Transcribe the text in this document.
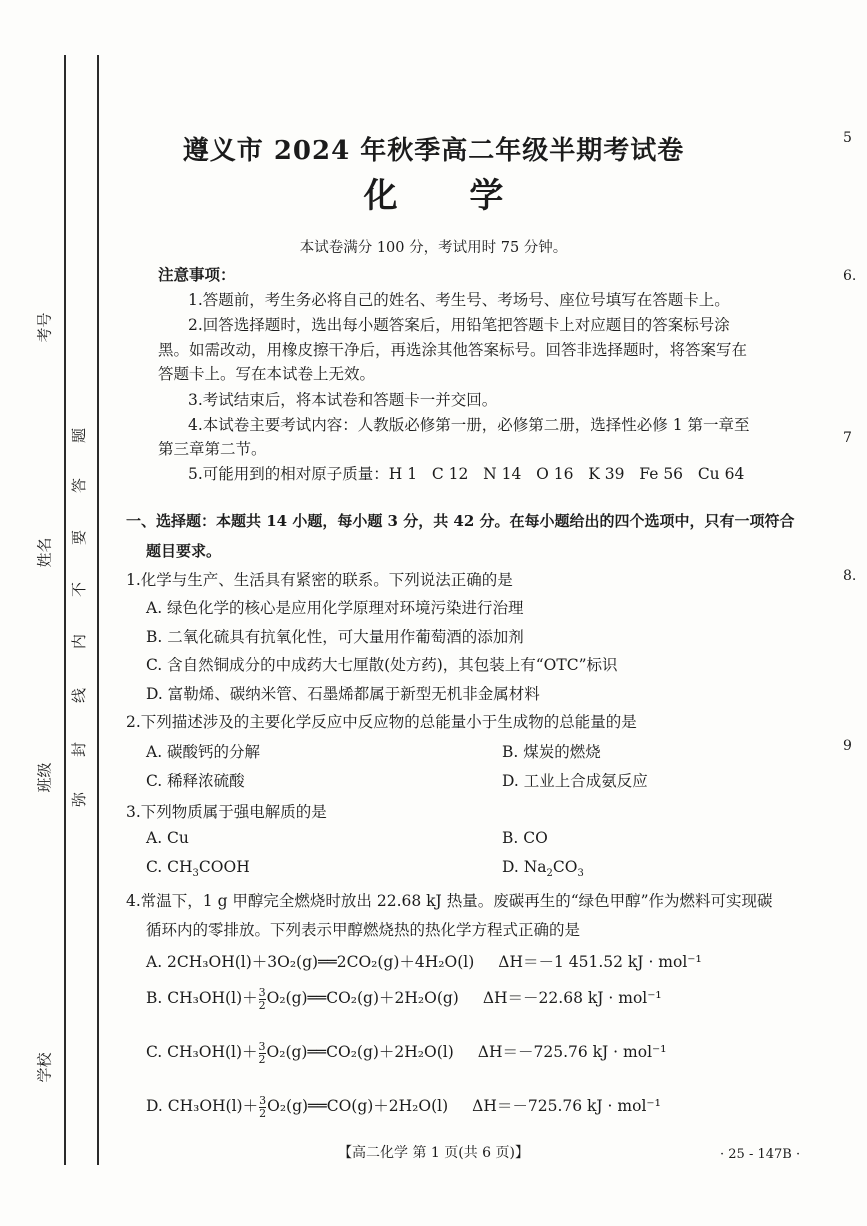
考号
姓名
班级
学校
题
答
要
不
内
线
封
弥
5
6.
7
8.
9
遵义市 2024 年秋季高二年级半期考试卷
化 学
本试卷满分 100 分，考试用时 75 分钟。
注意事项：
1.答题前，考生务必将自己的姓名、考生号、考场号、座位号填写在答题卡上。
2.回答选择题时，选出每小题答案后，用铅笔把答题卡上对应题目的答案标号涂
黑。如需改动，用橡皮擦干净后，再选涂其他答案标号。回答非选择题时，将答案写在
答题卡上。写在本试卷上无效。
3.考试结束后，将本试卷和答题卡一并交回。
4.本试卷主要考试内容：人教版必修第一册，必修第二册，选择性必修 1 第一章至
第三章第二节。
5.可能用到的相对原子质量：H 1   C 12   N 14   O 16   K 39   Fe 56   Cu 64
一、选择题：本题共 14 小题，每小题 3 分，共 42 分。在每小题给出的四个选项中，只有一项符合
题目要求。
1.化学与生产、生活具有紧密的联系。下列说法正确的是
A. 绿色化学的核心是应用化学原理对环境污染进行治理
B. 二氧化硫具有抗氧化性，可大量用作葡萄酒的添加剂
C. 含自然铜成分的中成药大七厘散(处方药)，其包装上有“OTC”标识
D. 富勒烯、碳纳米管、石墨烯都属于新型无机非金属材料
2.下列描述涉及的主要化学反应中反应物的总能量小于生成物的总能量的是
A. 碳酸钙的分解	B. 煤炭的燃烧
C. 稀释浓硫酸	D. 工业上合成氨反应
3.下列物质属于强电解质的是
A. Cu	B. CO
C. $CH_3COOH$	D. $Na_2CO_3$
4.常温下，1 g 甲醇完全燃烧时放出 22.68 kJ 热量。废碳再生的“绿色甲醇”作为燃料可实现碳
循环内的零排放。下列表示甲醇燃烧热的热化学方程式正确的是
A. 2CH₃OH(l)＋3O₂(g)══2CO₂(g)＋4H₂O(l) ΔH＝－1 451.52 kJ · mol⁻¹
B. $CH_3OH(l)+\frac{3}{2}$ O₂(g)══CO₂(g)＋2H₂O(g) ΔH＝－22.68 kJ · mol⁻¹
C. $CH_3OH(l)+\frac{3}{2}$ O₂(g)══CO₂(g)＋2H₂O(l) ΔH＝－725.76 kJ · mol⁻¹
D. $CH_3OH(l)+\frac{3}{2}$ O₂(g)══CO(g)＋2H₂O(l) ΔH＝－725.76 kJ · mol⁻¹
【高二化学 第 1 页(共 6 页)】	· 25 - 147B ·
